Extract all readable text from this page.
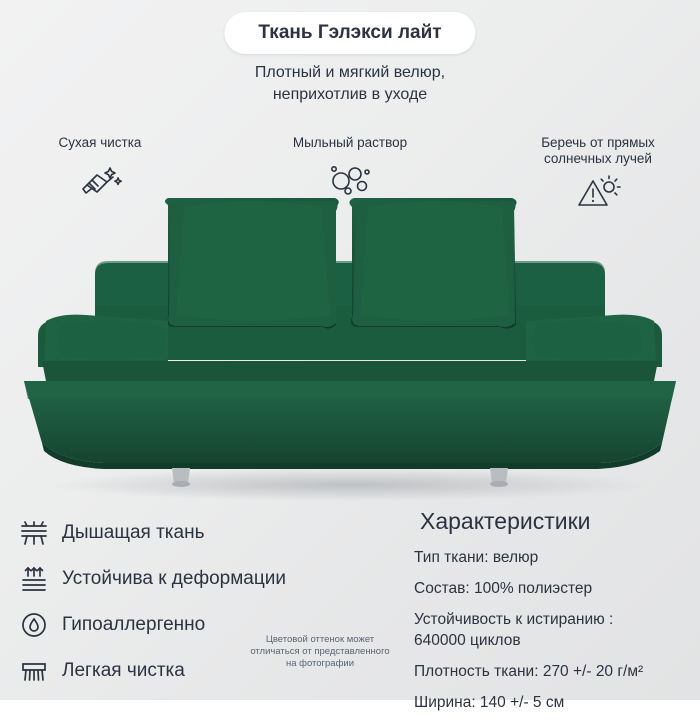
Ткань Гэлэкси лайт
Плотный и мягкий велюр,
неприхотлив в уходе
Сухая чистка	Мыльный раствор	Беречь от прямых
солнечных лучей
Дышащая ткань
Устойчива к деформации
Гипоаллергенно
Легкая чистка
Характеристики
Тип ткани: велюр
Состав: 100% полиэстер
Устойчивость к истиранию :
640000 циклов
Плотность ткани: 270 +/- 20 г/м²
Ширина: 140 +/- 5 см
Цветовой оттенок может
отличаться от представленного
на фотографии
